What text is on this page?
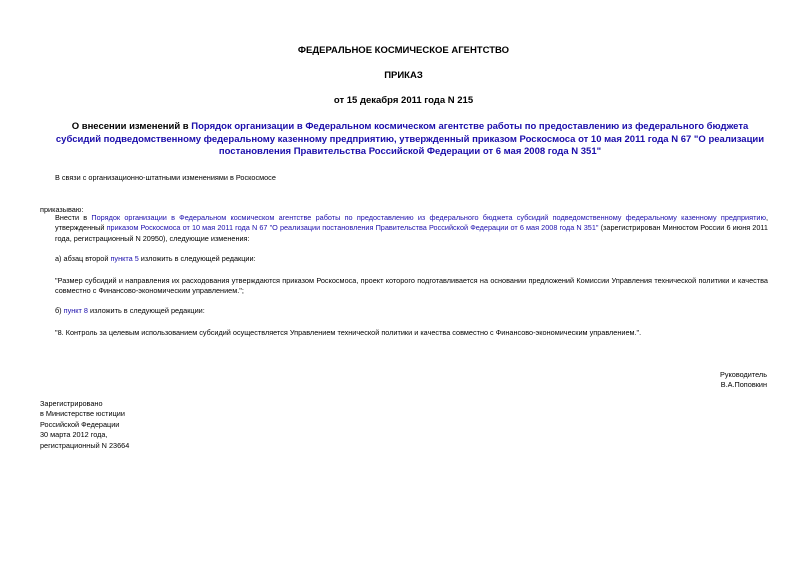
ФЕДЕРАЛЬНОЕ КОСМИЧЕСКОЕ АГЕНТСТВО
ПРИКАЗ
от 15 декабря 2011 года N 215
О внесении изменений в Порядок организации в Федеральном космическом агентстве работы по предоставлению из федерального бюджета субсидий подведомственному федеральному казенному предприятию, утвержденный приказом Роскосмоса от 10 мая 2011 года N 67 "О реализации постановления Правительства Российской Федерации от 6 мая 2008 года N 351"
В связи с организационно-штатными изменениями в Роскосмосе
приказываю:
Внести в Порядок организации в Федеральном космическом агентстве работы по предоставлению из федерального бюджета субсидий подведомственному федеральному казенному предприятию, утвержденный приказом Роскосмоса от 10 мая 2011 года N 67 "О реализации постановления Правительства Российской Федерации от 6 мая 2008 года N 351" (зарегистрирован Минюстом России 6 июня 2011 года, регистрационный N 20950), следующие изменения:
а) абзац второй пункта 5 изложить в следующей редакции:
"Размер субсидий и направления их расходования утверждаются приказом Роскосмоса, проект которого подготавливается на основании предложений Комиссии Управления технической политики и качества совместно с Финансово-экономическим управлением.";
б) пункт 8 изложить в следующей редакции:
"8. Контроль за целевым использованием субсидий осуществляется Управлением технической политики и качества совместно с Финансово-экономическим управлением.".
Руководитель
В.А.Поповкин
Зарегистрировано
в Министерстве юстиции
Российской Федерации
30 марта 2012 года,
регистрационный N 23664
